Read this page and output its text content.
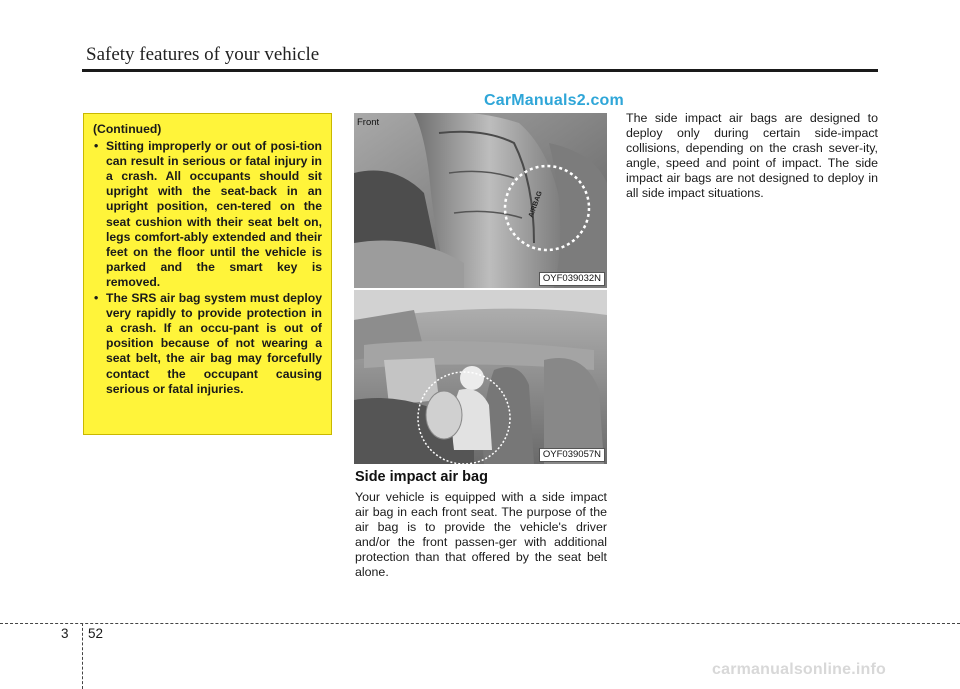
Safety features of your vehicle
CarManuals2.com
(Continued)
• Sitting improperly or out of posi-tion can result in serious or fatal injury in a crash. All occupants should sit upright with the seat-back in an upright position, cen-tered on the seat cushion with their seat belt on, legs comfort-ably extended and their feet on the floor until the vehicle is parked and the smart key is removed.
• The SRS air bag system must deploy very rapidly to provide protection in a crash. If an occu-pant is out of position because of not wearing a seat belt, the air bag may forcefully contact the occupant causing serious or fatal injuries.
Front
AIRBAG
OYF039032N
OYF039057N
Side impact air bag

Your vehicle is equipped with a side impact air bag in each front seat. The purpose of the air bag is to provide the vehicle's driver and/or the front passen-ger with additional protection than that offered by the seat belt alone.

The side impact air bags are designed to deploy only during certain side-impact collisions, depending on the crash sever-ity, angle, speed and point of impact. The side impact air bags are not designed to deploy in all side impact situations.

3 52
carmanualsonline.info
